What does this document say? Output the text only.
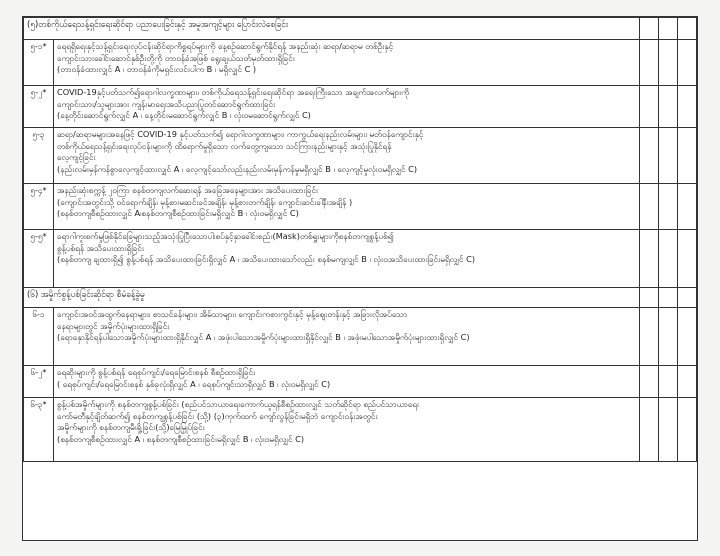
(၅)တစ်ကိုယ်ရေသန့်ရှင်းရေးဆိုင်ရာ ပညာပေးခြင်းနှင့် အမူအကျင့်များ ပြောင်းလဲစေခြင်း				
၅-၁*	ရေရရှိရေးနှင့်သန့်ရှင်းရေးလုပ်ငန်းဆိုင်ရာကိစ္စရပ်များကို နေ့စဉ်ဆောင်ရွက်နိုင်ရန် အနည်းဆုံး ဆရာ/ဆရာမ တစ်ဦးနှင့်
ကျောင်းသားခေါင်းဆောင်နှစ်ဦးတို့ကို တာဝန်ခံအဖြစ် ရွေးချယ်သတ်မှတ်ထားရှိခြင်း
(တာဝန်ခံထားလျှင် A ၊ တာဝန်ခံကိုမရှင်းလင်းပါက B ၊ မရှိလျှင် C )			

၅-၂*	COVID-19နှင့်ပတ်သက်၍ရောဂါလက္ခဏာများ၊ တစ်ကိုယ်ရေသန့်ရှင်းရေးဆိုင်ရာ အရေးကြီးသော အချက်အလက်များကို
ကျောင်းသား/သူများအား ကျန်းမာရေးအသိပညာပြုတင်ဆောင်ရွက်ထားခြင်း
(နေ့တိုင်းဆောင်ရွက်လျှင် A ၊ နေ့တိုင်းမဆောင်ရွက်လျှင် B ၊ လုံးဝမဆောင်ရွက်လျှင် C)			

၅-၃	ဆရာ/ဆရာမများအနေဖြင့် COVID-19 နှင့်ပတ်သက်၍ ရောဂါလက္ခဏာများ၊ ကာကွယ်ရေးနည်းလမ်းများ၊ မတ်ဝန်ကျောင်းနှင့်
တစ်ကိုယ်ရေသန့်ရှင်းရေးလုပ်ငန်းများကို ထိရောက်မှုရှိသော လက်တွေ့ကျသော သင်ကြားနည်းများနှင့် အသုံးပြုနိုင်ရန်
လေ့ကျင့်ခြင်း
(နည်းလမ်းမှန်ကန်စွာလေ့ကျင့်ထားလျှင် A ၊ လေ့ကျင့်သော်လည်းနည်းလမ်းမှန်ကန်မှုမရှိလျှင် B ၊ လေ့ကျင့်မှုလုံးဝမရှိလျှင် C)			

၅-၄*	အနည်းဆုံးစက္ကန့် ၂၀ကြာ စနစ်တကျလက်ဆေးရန် အခြေအနေများအား အသိပေးထားခြင်း
(ကျောင်းအတွင်းသို့ ဝင်ရောက်ချိန်၊ မုန့်စားမဆင်းခင်အချိန်၊ မုန့်စားတက်ချိန်၊ ကျောင်းဆင်းခါနီးအချိန် )
(စနစ်တကျစီစဉ်ထားလျှင် A၊စနစ်တကျစီစဉ်ထားခြင်းမရှိလျှင် B ၊ လုံးဝမရှိလျှင် C)			

၅-၅*	ရောဂါကူးစက်မှုဖြစ်နိုင်ခြေများသည့်အသုံးပြုပြီးသောပါးစပ်နှင့်နှာခေါင်းစည်း(Mask)တစ်ရှူးများကိုစနစ်တကျစွန့်ပစ်၍
စွန့်ပစ်ရန် အသိပေးထားရှိခြင်း
(စနစ်တကျ ချထားရှိ၍ စွန့်ပစ်ရန် အသိပေးထားခြင်းရှိလျှင် A ၊ အသိပေးထားသော်လည်း စနစ်မကျလျှင် B ၊ လုံးဝအသိပေးထားခြင်းမရှိလျှင် C)			

(၆) အမှိုက်စွန့်ပစ်ခြင်းဆိုင်ရာ စီမံခန့်ခွဲမှု				
၆-၁	ကျောင်းအဝင်အထွက်နေရာများ၊ စာသင်ခန်းများ၊ အိမ်သာများ၊ ကျောင်းကစားကွင်းနှင့် မုန့်ဈေးတန်းနှင့် အခြားလိုအပ်သော
နေရာများတွင် အမှိုက်ပုံးများထားရှိခြင်း
(ရောနှောနိုင်ရန်ပါသောအမှိုက်ပုံးများထားရှိနိုင်လျှင် A ၊ အဖုံးပါသောအမှိုက်ပုံးများထားရှိနိုင်လျှင် B ၊ အဖုံးမပါသောအမှိုက်ပုံးများထားရှိလျှင် C)			

၆-၂*	ရေဆိုးများကို စွန့်ပစ်ရန် ရေစုပ်ကျင်း/ရေမြောင်းစနစ် စီစဉ်ထားရှိခြင်း
( ရေစုပ်ကျင်း/ရေမြောင်းစနစ် နှစ်ခုလုံးရှိလျှင် A ၊ ရေစုပ်ကျင်းသာရှိလျှင် B ၊ လုံးဝမရှိလျှင် C)			

၆-၃*	စွန့်ပစ်အမှိုက်များကို စနစ်တကျစွန့်ပစ်ခြင်း (စည်ပင်သာယာရေးကောက်ယူရန်စီစဉ်ထားလျှင် သတ်ဆိုင်ရာ စည်ပင်သာယာရေး
ကော်မတီနှင့်ချိတ်ဆက်၍ စနစ်တကျစွန့်ပစ်ခြင်း (သို့) (၃)ကုက်ထက် ကျော်လွန်ခြင်းမရှိဘဲ ကျောင်းဝန်းအတွင်း
အမှိုက်များကို စနစ်တကျမီးရှို့ခြင်း(သို့)မြေမြှုပ်ခြင်း
(စနစ်တကျစီစဉ်ထားလျှင် A ၊ စနစ်တကျစီစဉ်ထားခြင်းမရှိလျှင် B ၊ လုံးဝမရှိလျှင် C)			
